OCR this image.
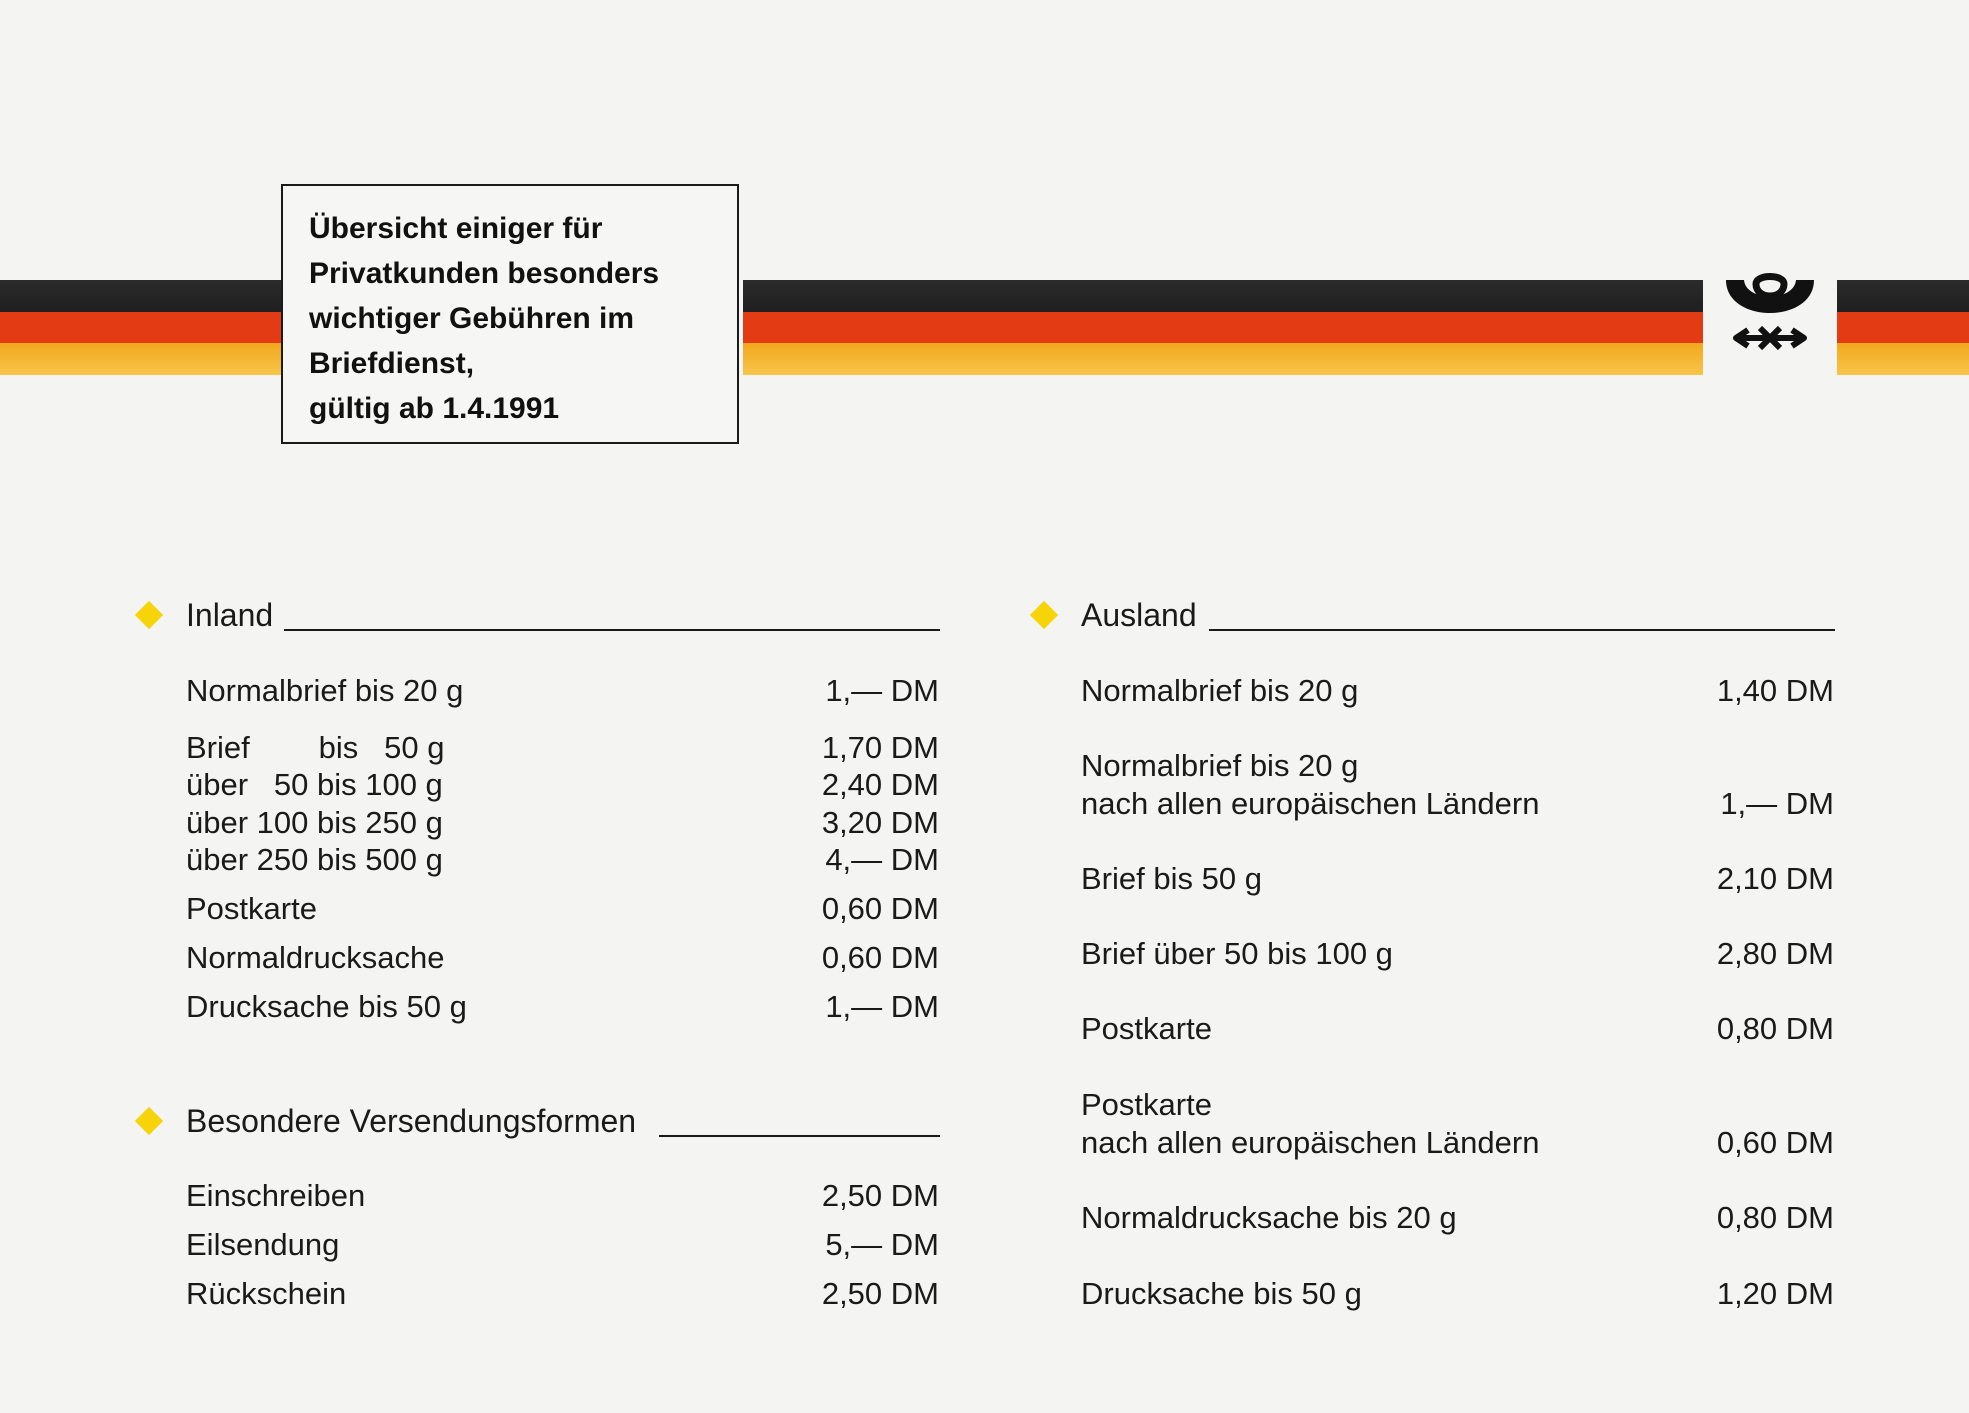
Übersicht einiger für
Privatkunden besonders
wichtiger Gebühren im
Briefdienst,
gültig ab 1.4.1991
Inland
Normalbrief bis 20 g	1,— DM
Brief        bis   50 g	1,70 DM
über   50 bis 100 g	2,40 DM
über 100 bis 250 g	3,20 DM
über 250 bis 500 g	4,— DM
Postkarte	0,60 DM
Normaldrucksache	0,60 DM
Drucksache bis 50 g	1,— DM
Besondere Versendungsformen
Einschreiben	2,50 DM
Eilsendung	5,— DM
Rückschein	2,50 DM
Ausland
Normalbrief bis 20 g	1,40 DM
Normalbrief bis 20 g
nach allen europäischen Ländern	1,— DM
Brief bis 50 g	2,10 DM
Brief über 50 bis 100 g	2,80 DM
Postkarte	0,80 DM
Postkarte
nach allen europäischen Ländern	0,60 DM
Normaldrucksache bis 20 g	0,80 DM
Drucksache bis 50 g	1,20 DM
